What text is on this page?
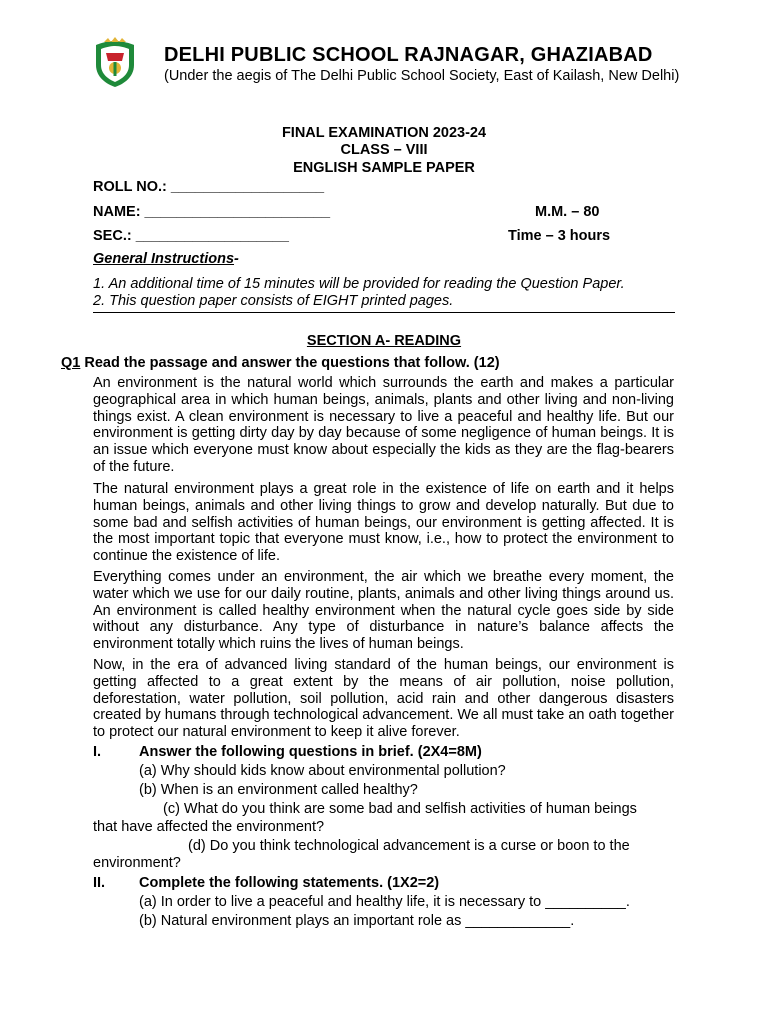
DELHI PUBLIC SCHOOL RAJNAGAR, GHAZIABAD
(Under the aegis of The Delhi Public School Society, East of Kailash, New Delhi)
FINAL EXAMINATION 2023-24
CLASS – VIII
ENGLISH SAMPLE PAPER
ROLL NO.: ___________________
NAME: _______________________
SEC.: ___________________
M.M. – 80
Time – 3 hours
General Instructions-
1. An additional time of 15 minutes will be provided for reading the Question Paper.
2. This question paper consists of EIGHT printed pages.
SECTION A- READING
Q1 Read the passage and answer the questions that follow. (12)

An environment is the natural world which surrounds the earth and makes a particular geographical area in which human beings, animals, plants and other living and non-living things exist. A clean environment is necessary to live a peaceful and healthy life. But our environment is getting dirty day by day because of some negligence of human beings. It is an issue which everyone must know about especially the kids as they are the flag-bearers of the future.

The natural environment plays a great role in the existence of life on earth and it helps human beings, animals and other living things to grow and develop naturally. But due to some bad and selfish activities of human beings, our environment is getting affected. It is the most important topic that everyone must know, i.e., how to protect the environment to continue the existence of life.

Everything comes under an environment, the air which we breathe every moment, the water which we use for our daily routine, plants, animals and other living things around us. An environment is called healthy environment when the natural cycle goes side by side without any disturbance. Any type of disturbance in nature’s balance affects the environment totally which ruins the lives of human beings.

Now, in the era of advanced living standard of the human beings, our environment is getting affected to a great extent by the means of air pollution, noise pollution, deforestation, water pollution, soil pollution, acid rain and other dangerous disasters created by humans through technological advancement. We all must take an oath together to protect our natural environment to keep it alive forever.

I.	Answer the following questions in brief. (2X4=8M)
(a) Why should kids know about environmental pollution?
(b) When is an environment called healthy?
(c) What do you think are some bad and selfish activities of human beings
that have affected the environment?
(d) Do you think technological advancement is a curse or boon to the
environment?
II. Complete the following statements. (1X2=2)
(a) In order to live a peaceful and healthy life, it is necessary to __________.
(b) Natural environment plays an important role as _____________.
